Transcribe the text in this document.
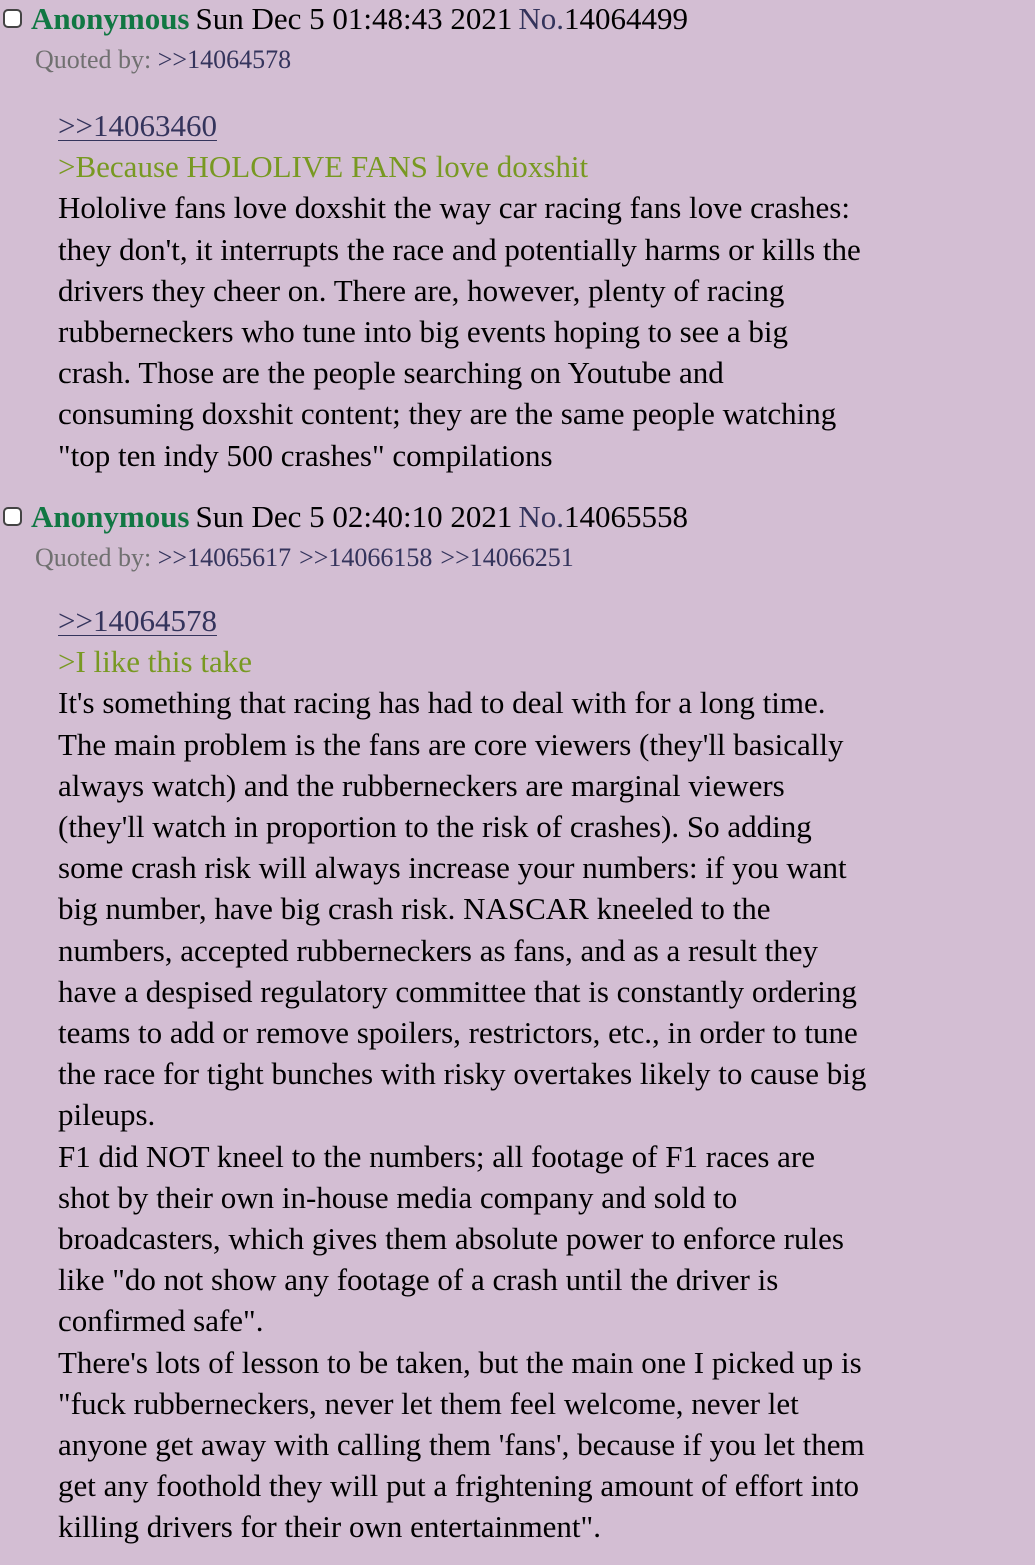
Anonymous Sun Dec 5 01:48:43 2021 No.14064499
Quoted by: >>14064578
>>14063460
>Because HOLOLIVE FANS love doxshit
Hololive fans love doxshit the way car racing fans love crashes:
they don't, it interrupts the race and potentially harms or kills the
drivers they cheer on. There are, however, plenty of racing
rubberneckers who tune into big events hoping to see a big
crash. Those are the people searching on Youtube and
consuming doxshit content; they are the same people watching
"top ten indy 500 crashes" compilations
Anonymous Sun Dec 5 02:40:10 2021 No.14065558
Quoted by: >>14065617 >>14066158 >>14066251
>>14064578
>I like this take
It's something that racing has had to deal with for a long time.
The main problem is the fans are core viewers (they'll basically
always watch) and the rubberneckers are marginal viewers
(they'll watch in proportion to the risk of crashes). So adding
some crash risk will always increase your numbers: if you want
big number, have big crash risk. NASCAR kneeled to the
numbers, accepted rubberneckers as fans, and as a result they
have a despised regulatory committee that is constantly ordering
teams to add or remove spoilers, restrictors, etc., in order to tune
the race for tight bunches with risky overtakes likely to cause big
pileups.
F1 did NOT kneel to the numbers; all footage of F1 races are
shot by their own in-house media company and sold to
broadcasters, which gives them absolute power to enforce rules
like "do not show any footage of a crash until the driver is
confirmed safe".
There's lots of lesson to be taken, but the main one I picked up is
"fuck rubberneckers, never let them feel welcome, never let
anyone get away with calling them 'fans', because if you let them
get any foothold they will put a frightening amount of effort into
killing drivers for their own entertainment".
